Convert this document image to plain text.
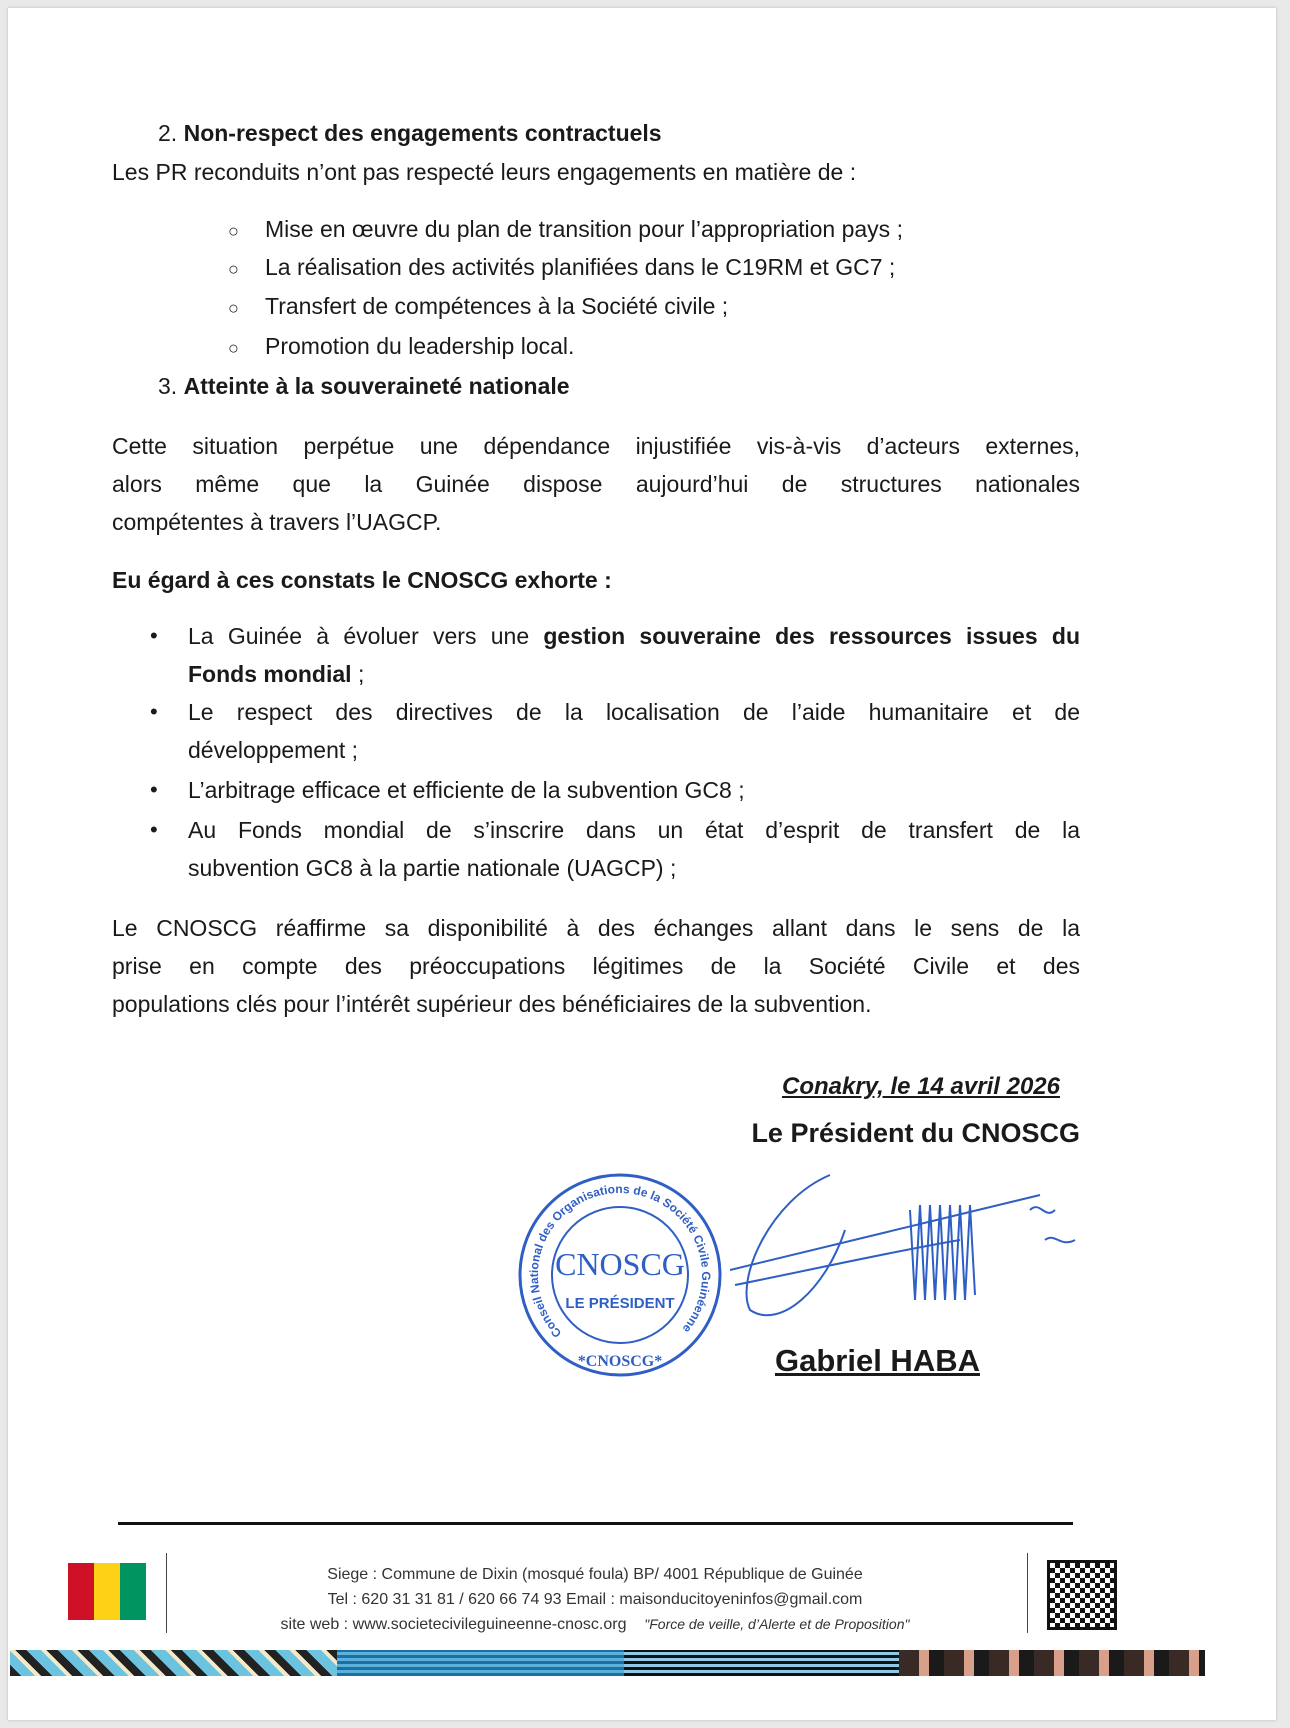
2. Non-respect des engagements contractuels
Les PR reconduits n’ont pas respecté leurs engagements en matière de :
○ Mise en œuvre du plan de transition pour l’appropriation pays ;
○ La réalisation des activités planifiées dans le C19RM et GC7 ;
○ Transfert de compétences à la Société civile ;
○ Promotion du leadership local.
3. Atteinte à la souveraineté nationale
Cette situation perpétue une dépendance injustifiée vis-à-vis d’acteurs externes,
alors même que la Guinée dispose aujourd’hui de structures nationales
compétentes à travers l’UAGCP.
Eu égard à ces constats le CNOSCG exhorte :
• La Guinée à évoluer vers une gestion souveraine des ressources issues du
Fonds mondial ;
• Le respect des directives de la localisation de l’aide humanitaire et de
développement ;
• L’arbitrage efficace et efficiente de la subvention GC8 ;
• Au Fonds mondial de s’inscrire dans un état d’esprit de transfert de la
subvention GC8 à la partie nationale (UAGCP) ;
Le CNOSCG réaffirme sa disponibilité à des échanges allant dans le sens de la
prise en compte des préoccupations légitimes de la Société Civile et des
populations clés pour l’intérêt supérieur des bénéficiaires de la subvention.
Conakry, le 14 avril 2026
Le Président du CNOSCG
Conseil National des Organisations de la Société Civile Guinéenne
CNOSCG
LE PRÉSIDENT
*CNOSCG*	Gabriel HABA
Siege : Commune de Dixin (mosqué foula) BP/ 4001 République de Guinée
Tel : 620 31 31 81 / 620 66 74 93 Email : maisonducitoyeninfos@gmail.com
site web : www.societecivileguineenne-cnosc.org "Force de veille, d’Alerte et de Proposition"
